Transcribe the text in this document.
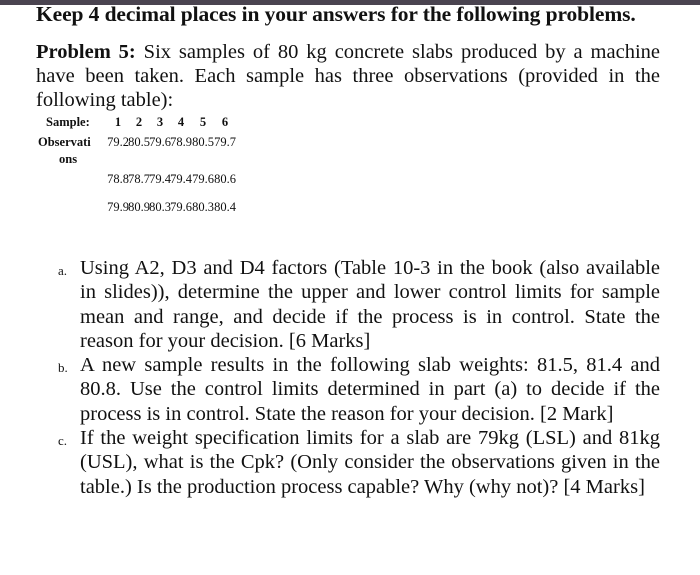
Keep 4 decimal places in your answers for the following problems.
Problem 5: Six samples of 80 kg concrete slabs produced by a machine have been taken. Each sample has three observations (provided in the following table):
Sample:	1	2	3	4	5	6
Observati 79.2 80.5 79.6 78.9 80.5 79.7
ons
78.8 78.7 79.4 79.4 79.6 80.6
79.9 80.9 80.3 79.6 80.3 80.4
a. Using A2, D3 and D4 factors (Table 10-3 in the book (also available in slides)), determine the upper and lower control limits for sample mean and range, and decide if the process is in control. State the reason for your decision. [6 Marks]
b. A new sample results in the following slab weights: 81.5, 81.4 and 80.8. Use the control limits determined in part (a) to decide if the process is in control. State the reason for your decision. [2 Mark]
c. If the weight specification limits for a slab are 79kg (LSL) and 81kg (USL), what is the Cpk? (Only consider the observations given in the table.) Is the production process capable? Why (why not)? [4 Marks]
